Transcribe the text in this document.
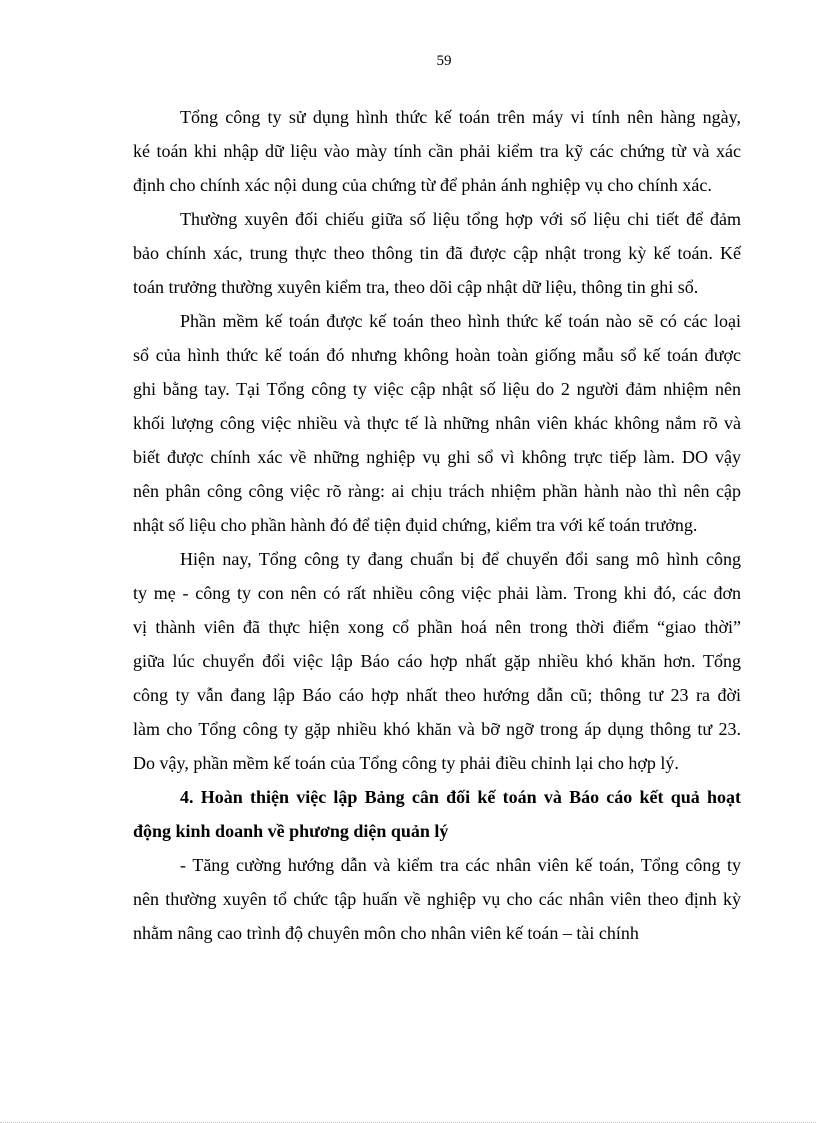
59
Tổng công ty sử dụng hình thức kế toán trên máy vi tính nên hàng ngày,
ké toán khi nhập dữ liệu vào mày tính cần phải kiểm tra kỹ các chứng từ và xác
định cho chính xác nội dung của chứng từ để phản ánh nghiệp vụ cho chính xác.
Thường xuyên đối chiếu giữa số liệu tổng hợp với số liệu chi tiết để đảm
bảo chính xác, trung thực theo thông tin đã được cập nhật trong kỳ kế toán. Kế
toán trưởng thường xuyên kiểm tra, theo dõi cập nhật dữ liệu, thông tin ghi sổ.
Phần mềm kế toán được kế toán theo hình thức kế toán nào sẽ có các loại
sổ của hình thức kế toán đó nhưng không hoàn toàn giống mẫu sổ kế toán được
ghi bằng tay. Tại Tổng công ty việc cập nhật số liệu do 2 người đảm nhiệm nên
khối lượng công việc nhiều và thực tế là những nhân viên khác không nắm rõ và
biết được chính xác về những nghiệp vụ ghi sổ vì không trực tiếp làm. DO vậy
nên phân công công việc rõ ràng: ai chịu trách nhiệm phần hành nào thì nên cập
nhật số liệu cho phần hành đó để tiện đụid chứng, kiểm tra với kế toán trưởng.
Hiện nay, Tổng công ty đang chuẩn bị để chuyển đổi sang mô hình công
ty mẹ - công ty con nên có rất nhiều công việc phải làm. Trong khi đó, các đơn
vị thành viên đã thực hiện xong cổ phần hoá nên trong thời điểm “giao thời”
giữa lúc chuyển đổi việc lập Báo cáo hợp nhất gặp nhiều khó khăn hơn. Tổng
công ty vẫn đang lập Báo cáo hợp nhất theo hướng dẫn cũ; thông tư 23 ra đời
làm cho Tổng công ty gặp nhiều khó khăn và bỡ ngỡ trong áp dụng thông tư 23.
Do vậy, phần mềm kế toán của Tổng công ty phải điều chỉnh lại cho hợp lý.
4. Hoàn thiện việc lập Bảng cân đối kế toán và Báo cáo kết quả hoạt
động kinh doanh về phương diện quản lý
- Tăng cường hướng dẫn và kiểm tra các nhân viên kế toán, Tổng công ty
nên thường xuyên tổ chức tập huấn về nghiệp vụ cho các nhân viên theo định kỳ
nhằm nâng cao trình độ chuyên môn cho nhân viên kế toán – tài chính
